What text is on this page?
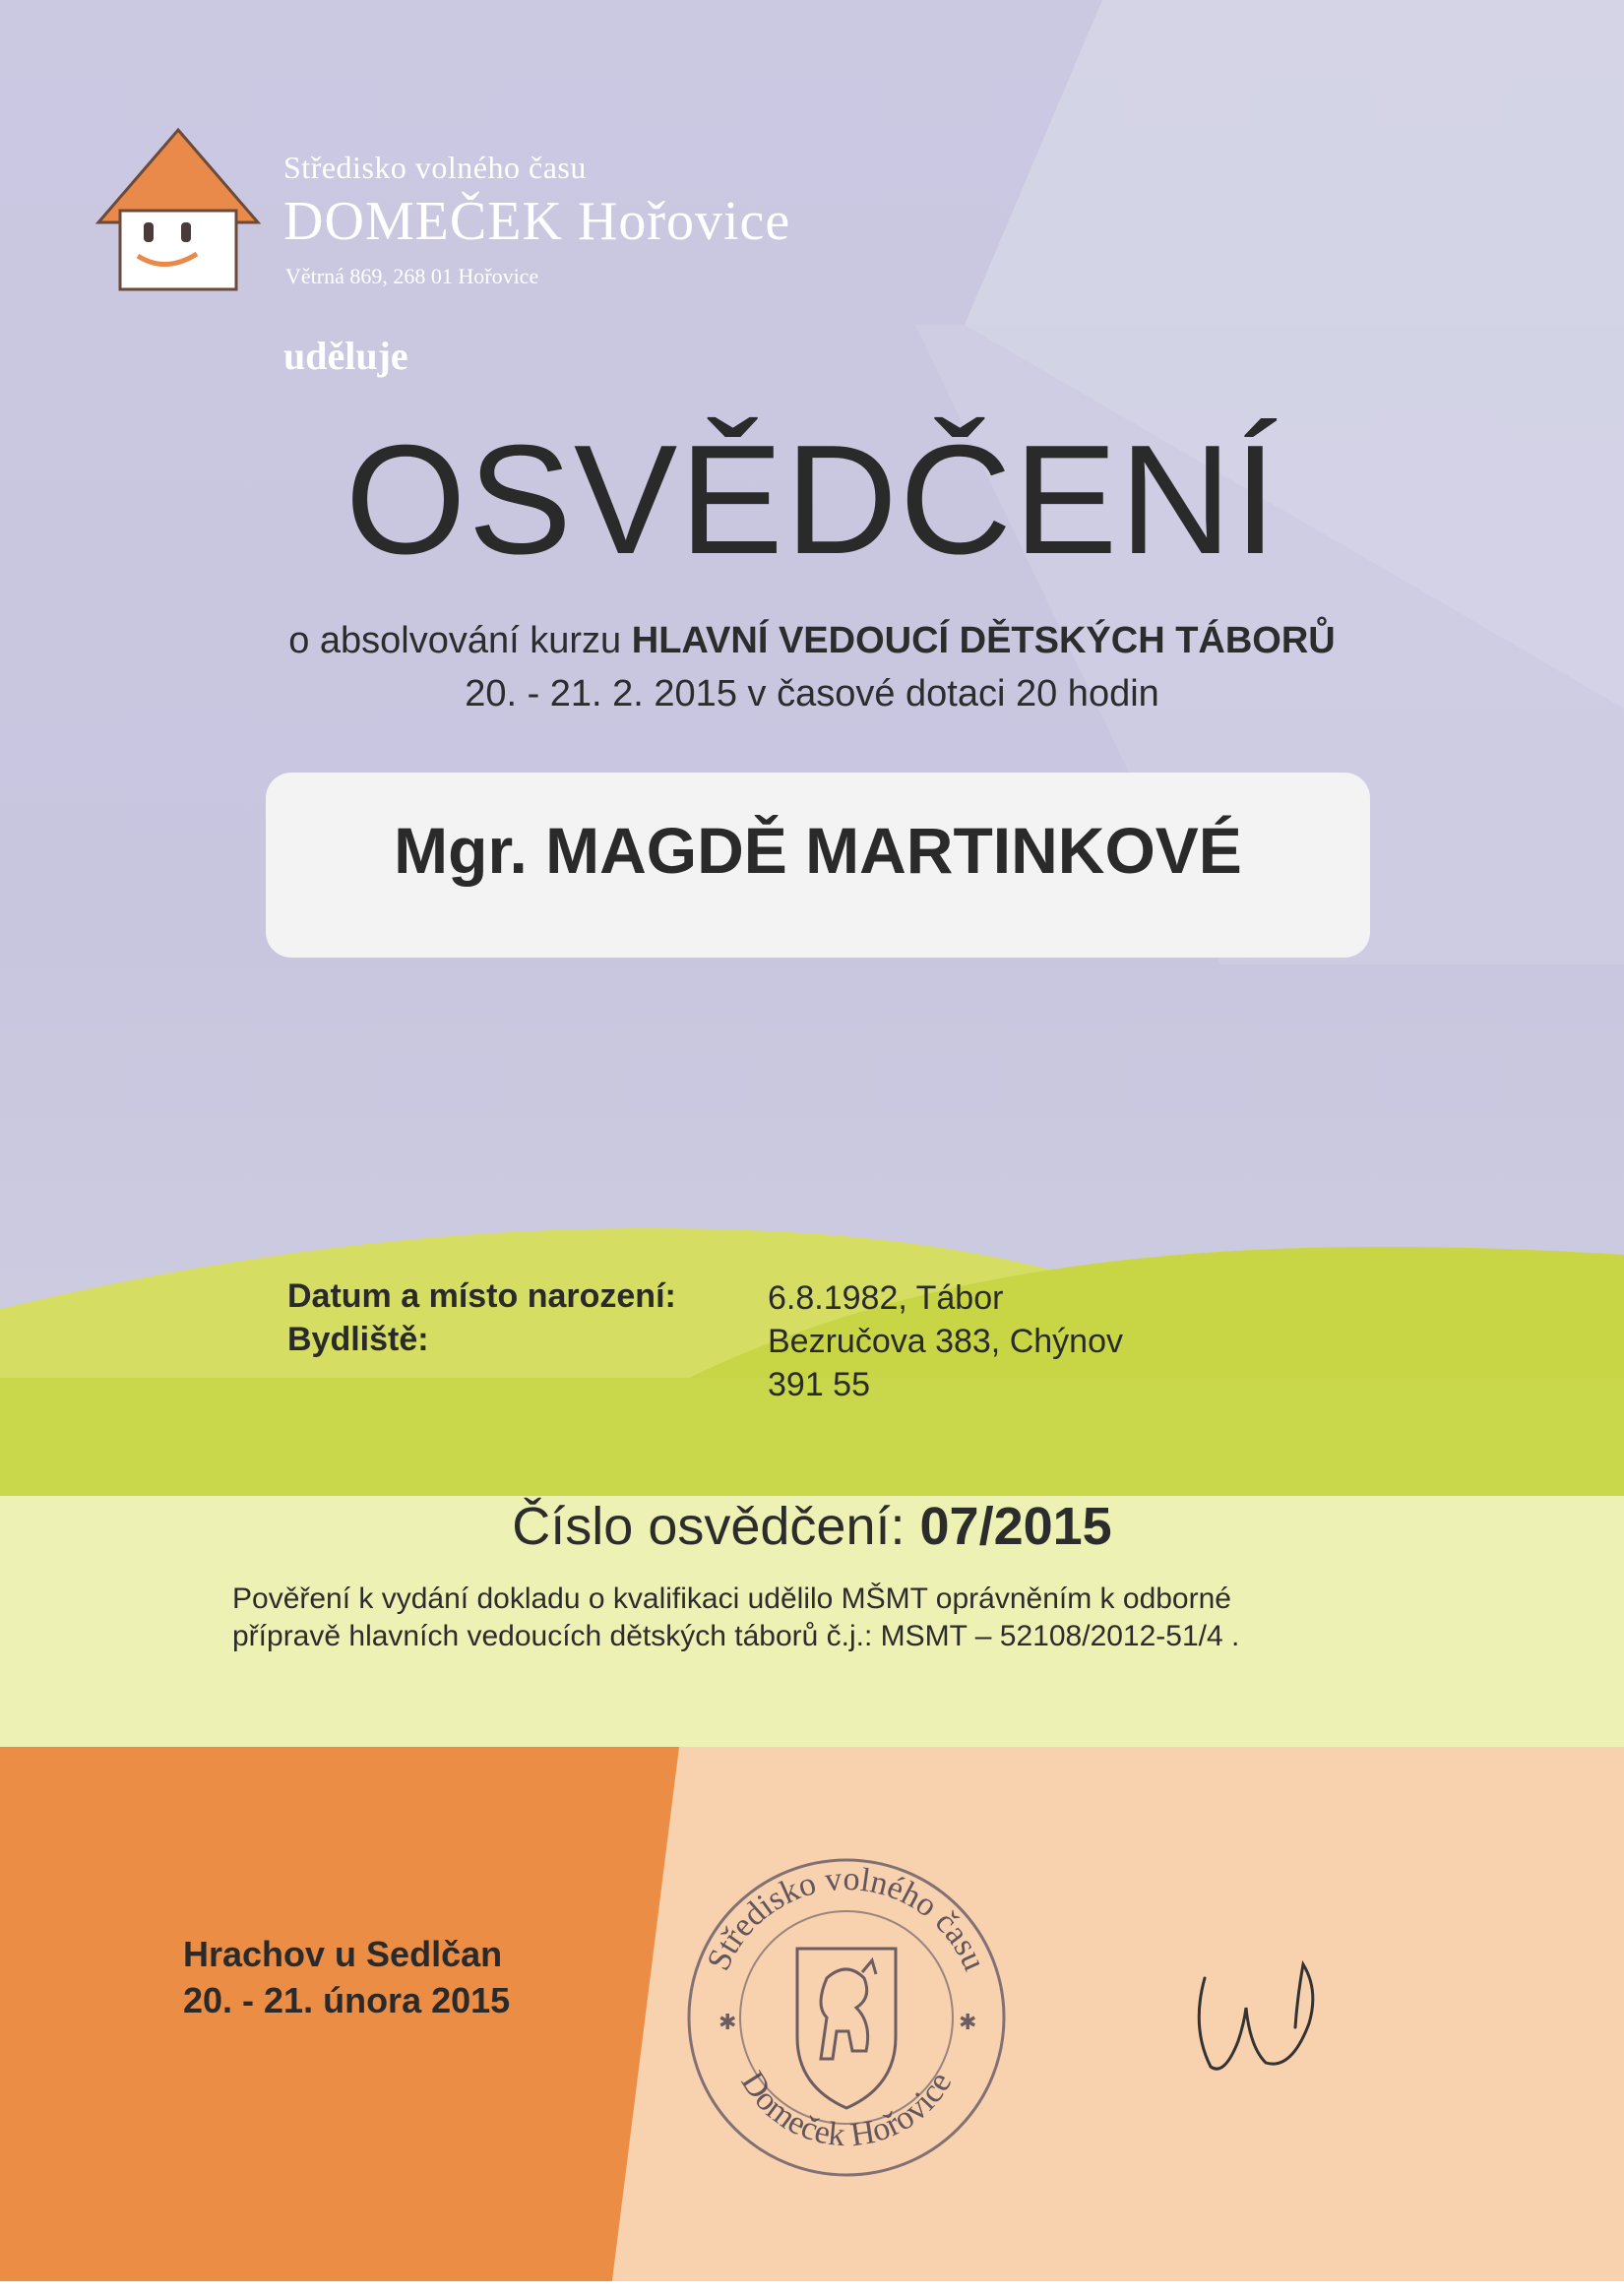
Středisko volného času
DOMEČEK Hořovice
Větrná 869, 268 01 Hořovice
uděluje
OSVĚDČENÍ
o absolvování kurzu HLAVNÍ VEDOUCÍ DĚTSKÝCH TÁBORŮ
20. - 21. 2. 2015 v časové dotaci 20 hodin
Mgr. MAGDĚ MARTINKOVÉ
Datum a místo narození:	6.8.1982, Tábor
Bydliště:	Bezručova 383, Chýnov
391 55
Číslo osvědčení: 07/2015
Pověření k vydání dokladu o kvalifikaci udělilo MŠMT oprávněním k odborné
přípravě hlavních vedoucích dětských táborů č.j.: MSMT – 52108/2012-51/4 .
Hrachov u Sedlčan
20. - 21. února 2015
Středisko volného času
Domeček Hořovice
✱	✱
